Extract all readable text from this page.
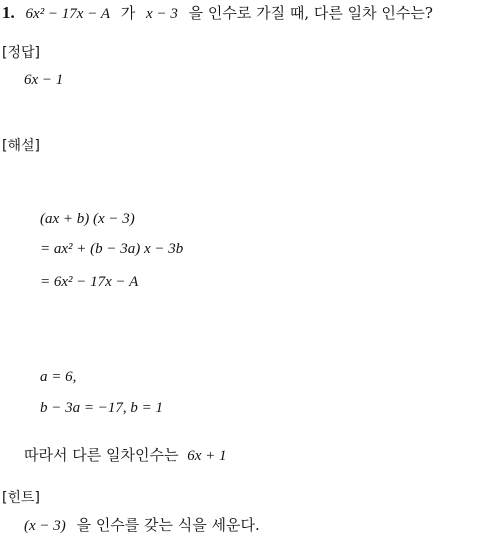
1. 6x² − 17x − A 가 x − 3 을 인수로 가질 때, 다른 일차 인수는?
[정답]
6x − 1
[해설]
(ax + b) (x − 3)
= ax² + (b − 3a) x − 3b
= 6x² − 17x − A
a = 6,
b − 3a = −17, b = 1
따라서 다른 일차인수는 6x + 1
[힌트]
(x − 3) 을 인수를 갖는 식을 세운다.
